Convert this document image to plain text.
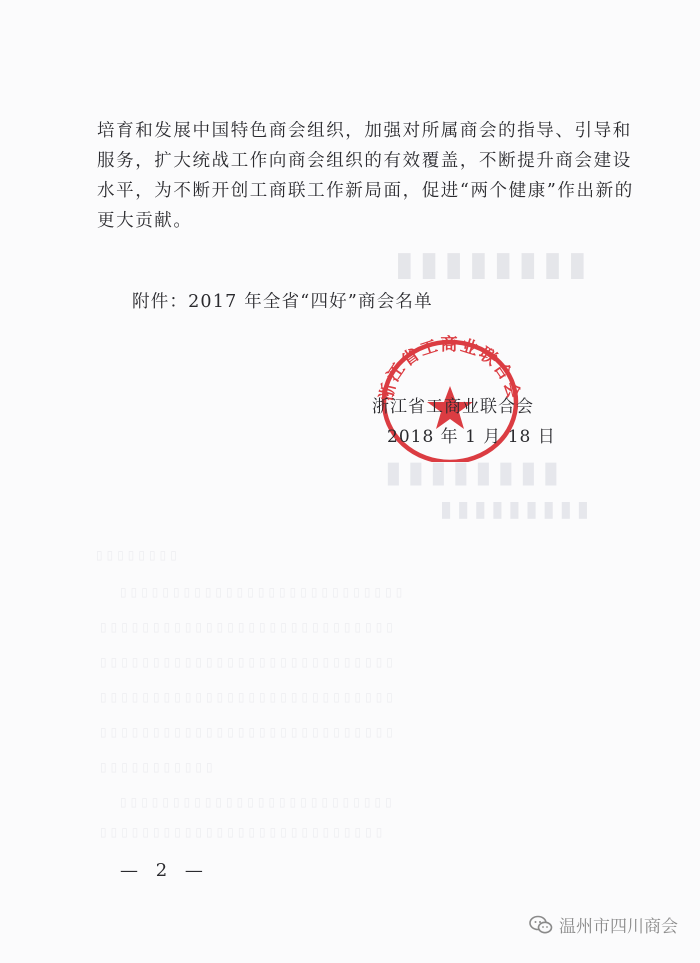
▮▮▮▮▮▮▮▮
▮▮▮▮▮▮▮▮
▮▮▮▮▮▮▮▮▮
▯▯▯▯▯▯▯▯
▯▯▯▯▯▯▯▯▯▯▯▯▯▯▯▯▯▯▯▯▯▯▯▯▯▯▯
▯▯▯▯▯▯▯▯▯▯▯▯▯▯▯▯▯▯▯▯▯▯▯▯▯▯▯▯
▯▯▯▯▯▯▯▯▯▯▯▯▯▯▯▯▯▯▯▯▯▯▯▯▯▯▯▯
▯▯▯▯▯▯▯▯▯▯▯▯▯▯▯▯▯▯▯▯▯▯▯▯▯▯▯▯
▯▯▯▯▯▯▯▯▯▯▯▯▯▯▯▯▯▯▯▯▯▯▯▯▯▯▯▯
▯▯▯▯▯▯▯▯▯▯▯
▯▯▯▯▯▯▯▯▯▯▯▯▯▯▯▯▯▯▯▯▯▯▯▯▯▯
▯▯▯▯▯▯▯▯▯▯▯▯▯▯▯▯▯▯▯▯▯▯▯▯▯▯▯

培育和发展中国特色商会组织，加强对所属商会的指导、引导和

服务，扩大统战工作向商会组织的有效覆盖，不断提升商会建设

水平，为不断开创工商联工作新局面，促进“两个健康”作出新的

更大贡献。

附件：2017 年全省“四好”商会名单
浙江省工商业联合会
浙江省工商业联合会
2018 年 1 月 18 日
— 2 —
温州市四川商会
